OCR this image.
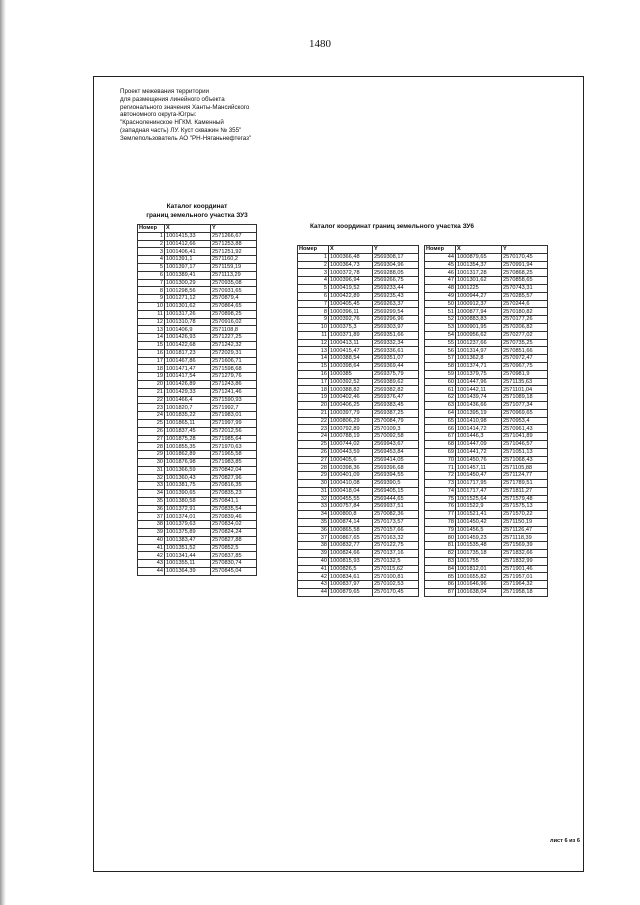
1480
Проект межевания территории
для размещения линейного объекта
регионального значения Ханты-Мансийского
автономного округа-Югры:
"Красноленинское НГКМ. Каменный
(западная часть) ЛУ. Куст скважин № 355"
Землепользователь АО "РН-Няганьнефтегаз"
Каталог координат
границ земельного участка ЗУ3
Каталог координат границ земельного участка ЗУ6
Номер	X	Y
1	1001415,33	2571266,67
2	1001412,66	2571253,88
3	1001406,41	2571251,92
4	1001391,1	2571160,2
5	1001397,17	2571159,19
6	1001389,41	2571113,29
7	1001300,29	2570935,08
8	1001298,56	2570931,65
9	1001271,12	2570879,4
10	1001301,62	2570864,65
11	1001317,26	2570898,25
12	1001310,78	2570916,02
13	1001406,9	2571108,8
14	1001426,93	2571227,25
15	1001422,68	2571242,32
16	1001817,23	2572029,31
17	1001467,86	2571606,71
18	1001471,47	2571598,68
19	1001417,54	2571279,76
20	1001426,89	2571243,86
21	1001429,33	2571241,46
22	1001466,4	2571590,93
23	1001820,7	2571992,7
24	1001835,22	2571983,01
25	1001865,11	2571997,99
26	1001837,45	2572012,56
27	1001875,28	2571985,64
28	1001855,35	2571970,63
29	1001862,89	2571965,58
30	1001876,98	2571983,85
31	1001366,59	2570842,04
32	1001360,43	2570827,96
33	1001381,75	2570816,35
34	1001390,65	2570835,23
35	1001380,58	2570841,1
36	1001372,91	2570835,54
37	1001374,01	2570839,46
38	1001379,63	2570834,02
39	1001375,89	2570824,24
40	1001383,47	2570827,88
41	1001351,52	2570852,5
42	1001341,44	2570837,85
43	1001355,11	2570830,74
44	1001364,39	2570845,04
Номер	X	Y
1	1000366,48	2569308,17
2	1000364,73	2569304,96
3	1000372,78	2569288,05
4	1000396,94	2569266,75
5	1000419,52	2569233,44
6	1000422,89	2569235,43
7	1000405,45	2569263,37
8	1000396,11	2569299,54
9	1000392,76	2569296,96
10	1000375,3	2569303,97
11	1000371,89	2569351,66
12	1000413,11	2569332,34
13	1000415,47	2569336,61
14	1000388,54	2569351,07
15	1000398,64	2569369,44
16	1000385	2569375,79
17	1000392,52	2569389,62
18	1000388,82	2569382,82
19	1000402,46	2569376,47
20	1000406,25	2569383,45
21	1000397,79	2569387,25
22	1000806,29	2570084,79
23	1000792,89	2570109,3
24	1000788,19	2570092,58
25	1000744,02	2569943,67
26	1000443,59	2569453,84
27	1000405,6	2569414,05
28	1000398,36	2569396,68
29	1000401,09	2569394,55
30	1000410,08	2569390,5
31	1000418,04	2569405,15
32	1000455,55	2569444,65
33	1000757,84	2569937,51
34	1000800,8	2570082,36
35	1000874,14	2570173,57
36	1000865,58	2570157,66
37	1000867,65	2570163,32
38	1000832,77	2570122,75
39	1000824,66	2570137,16
40	1000815,93	2570132,5
41	1000826,5	2570115,62
42	1000834,61	2570100,81
43	1000837,97	2570102,53
44	1000879,65	2570170,45
Номер	X	Y
44	1000879,65	2570170,45
45	1001354,37	2570991,94
46	1001317,28	2570868,25
47	1001301,62	2570858,65
48	1001225	2570743,31
49	1000944,27	2570285,57
50	1000912,37	2570244,6
51	1000877,94	2570180,82
52	1000883,83	2570177,26
53	1000901,95	2570206,82
54	1000956,62	2570277,02
55	1001237,66	2570735,25
56	1001314,97	2570851,66
57	1001362,8	2570972,47
58	1001374,71	2570967,75
59	1001379,75	2570981,9
60	1001447,96	2571135,63
61	1001442,11	2571101,04
62	1001439,74	2571089,18
63	1001436,66	2571077,34
64	1001395,19	2570969,65
65	1001410,98	2570953,4
66	1001414,72	2570961,43
67	1001446,3	2571041,89
68	1001447,09	2571046,57
69	1001441,72	2571051,13
70	1001450,76	2571068,43
71	1001457,11	2571105,88
72	1001450,47	2571124,77
73	1001717,95	2571789,51
74	1001717,47	2571811,27
75	1001525,64	2571579,48
76	1001522,9	2571575,13
77	1001521,41	2571570,22
78	1001450,42	2571150,19
79	1001456,5	2571126,47
80	1001459,23	2571118,39
81	1001535,48	2571569,39
82	1001735,18	2571832,66
83	1001755	2571832,99
84	1001812,01	2571901,46
85	1001655,82	2571957,01
86	1001646,96	2571964,32
87	1001638,04	2571958,18
лист 6 из 6
